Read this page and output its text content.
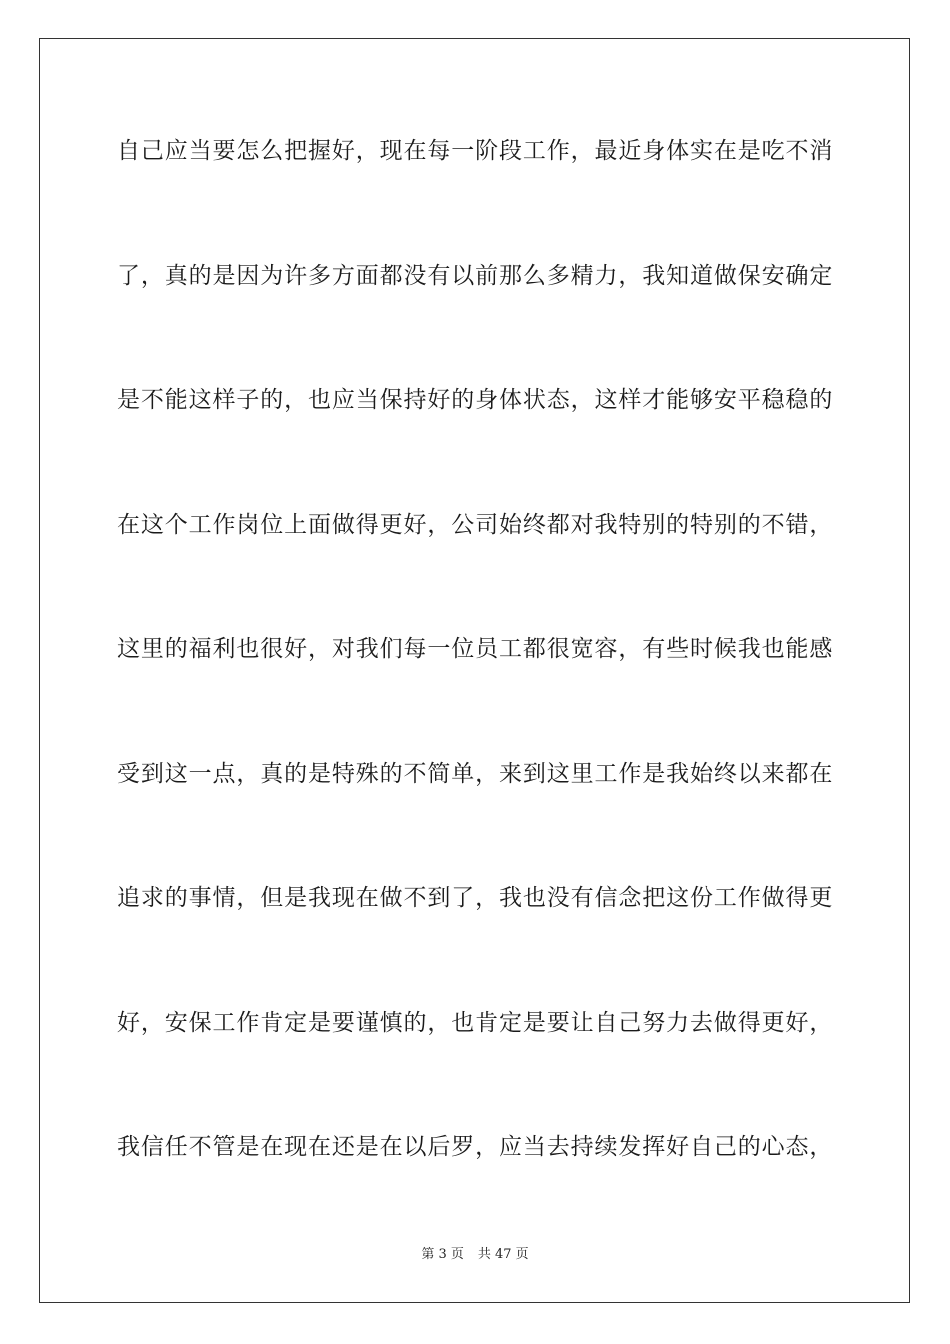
自己应当要怎么把握好，现在每一阶段工作，最近身体实在是吃不消
了，真的是因为许多方面都没有以前那么多精力，我知道做保安确定
是不能这样子的，也应当保持好的身体状态，这样才能够安平稳稳的
在这个工作岗位上面做得更好，公司始终都对我特别的特别的不错，
这里的福利也很好，对我们每一位员工都很宽容，有些时候我也能感
受到这一点，真的是特殊的不简单，来到这里工作是我始终以来都在
追求的事情，但是我现在做不到了，我也没有信念把这份工作做得更
好，安保工作肯定是要谨慎的，也肯定是要让自己努力去做得更好，
我信任不管是在现在还是在以后罗，应当去持续发挥好自己的心态，
第 3 页 共 47 页
